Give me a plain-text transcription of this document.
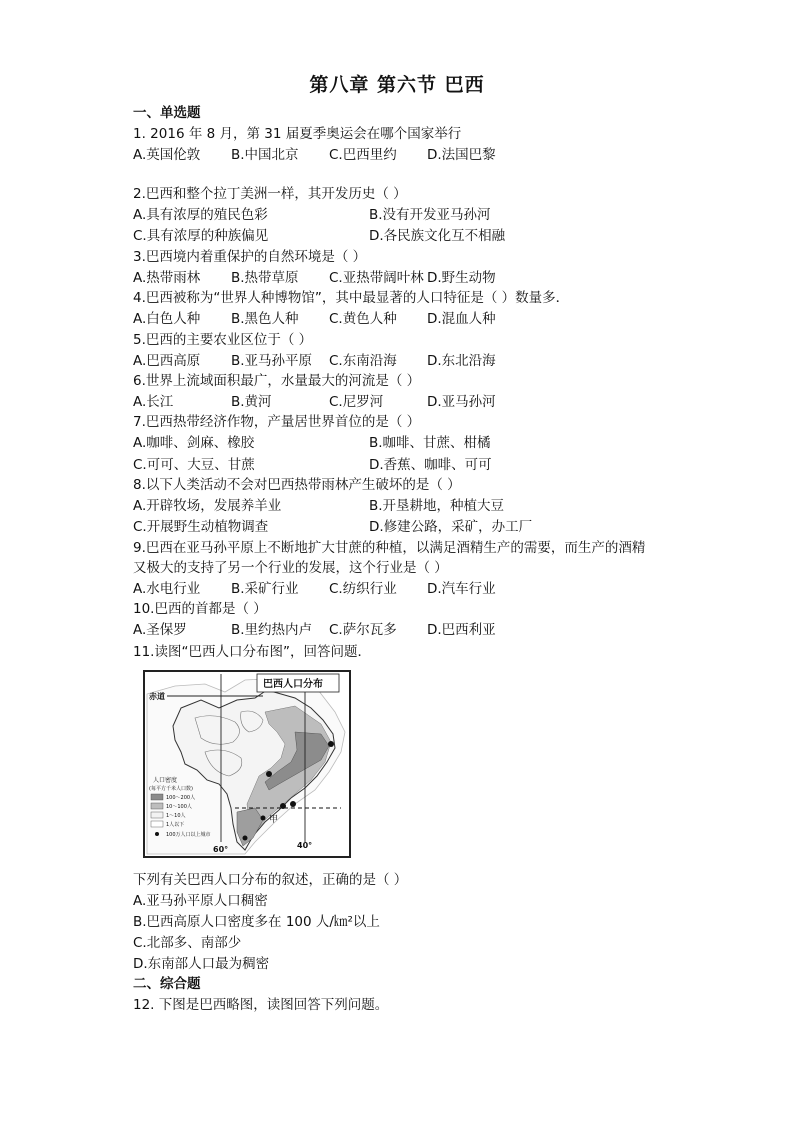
第八章 第六节 巴西
一、单选题
1. 2016 年 8 月，第 31 届夏季奥运会在哪个国家举行
A.英国伦敦 B.中国北京 C.巴西里约 D.法国巴黎
2.巴西和整个拉丁美洲一样，其开发历史（ ）
A.具有浓厚的殖民色彩	B.没有开发亚马孙河
C.具有浓厚的种族偏见	D.各民族文化互不相融
3.巴西境内着重保护的自然环境是（ ）
A.热带雨林 B.热带草原 C.亚热带阔叶林 D.野生动物
4.巴西被称为“世界人种博物馆”，其中最显著的人口特征是（ ）数量多．
A.白色人种 B.黑色人种 C.黄色人种 D.混血人种
5.巴西的主要农业区位于（ ）
A.巴西高原 B.亚马孙平原 C.东南沿海 D.东北沿海
6.世界上流域面积最广，水量最大的河流是（ ）
A.长江	B.黄河	C.尼罗河	D.亚马孙河
7.巴西热带经济作物，产量居世界首位的是（ ）
A.咖啡、剑麻、橡胶	B.咖啡、甘蔗、柑橘
C.可可、大豆、甘蔗	D.香蕉、咖啡、可可
8.以下人类活动不会对巴西热带雨林产生破坏的是（ ）
A.开辟牧场，发展养羊业	B.开垦耕地，种植大豆
C.开展野生动植物调查	D.修建公路，采矿，办工厂
9.巴西在亚马孙平原上不断地扩大甘蔗的种植，以满足酒精生产的需要，而生产的酒精
又极大的支持了另一个行业的发展，这个行业是（ ）
A.水电行业 B.采矿行业 C.纺织行业 D.汽车行业
10.巴西的首都是（ ）
A.圣保罗	B.里约热内卢 C.萨尔瓦多 D.巴西利亚
11.读图“巴西人口分布图”，回答问题．
赤道
巴西人口分布
甲
60°	40°
人口密度
(每平方千米人口数)
100～200人
10～100人
1～10人
1人以下
100万人口以上城市
下列有关巴西人口分布的叙述，正确的是（ ）
A.亚马孙平原人口稠密
B.巴西高原人口密度多在 100 人/㎞²以上
C.北部多、南部少
D.东南部人口最为稠密
二、综合题
12. 下图是巴西略图，读图回答下列问题。
